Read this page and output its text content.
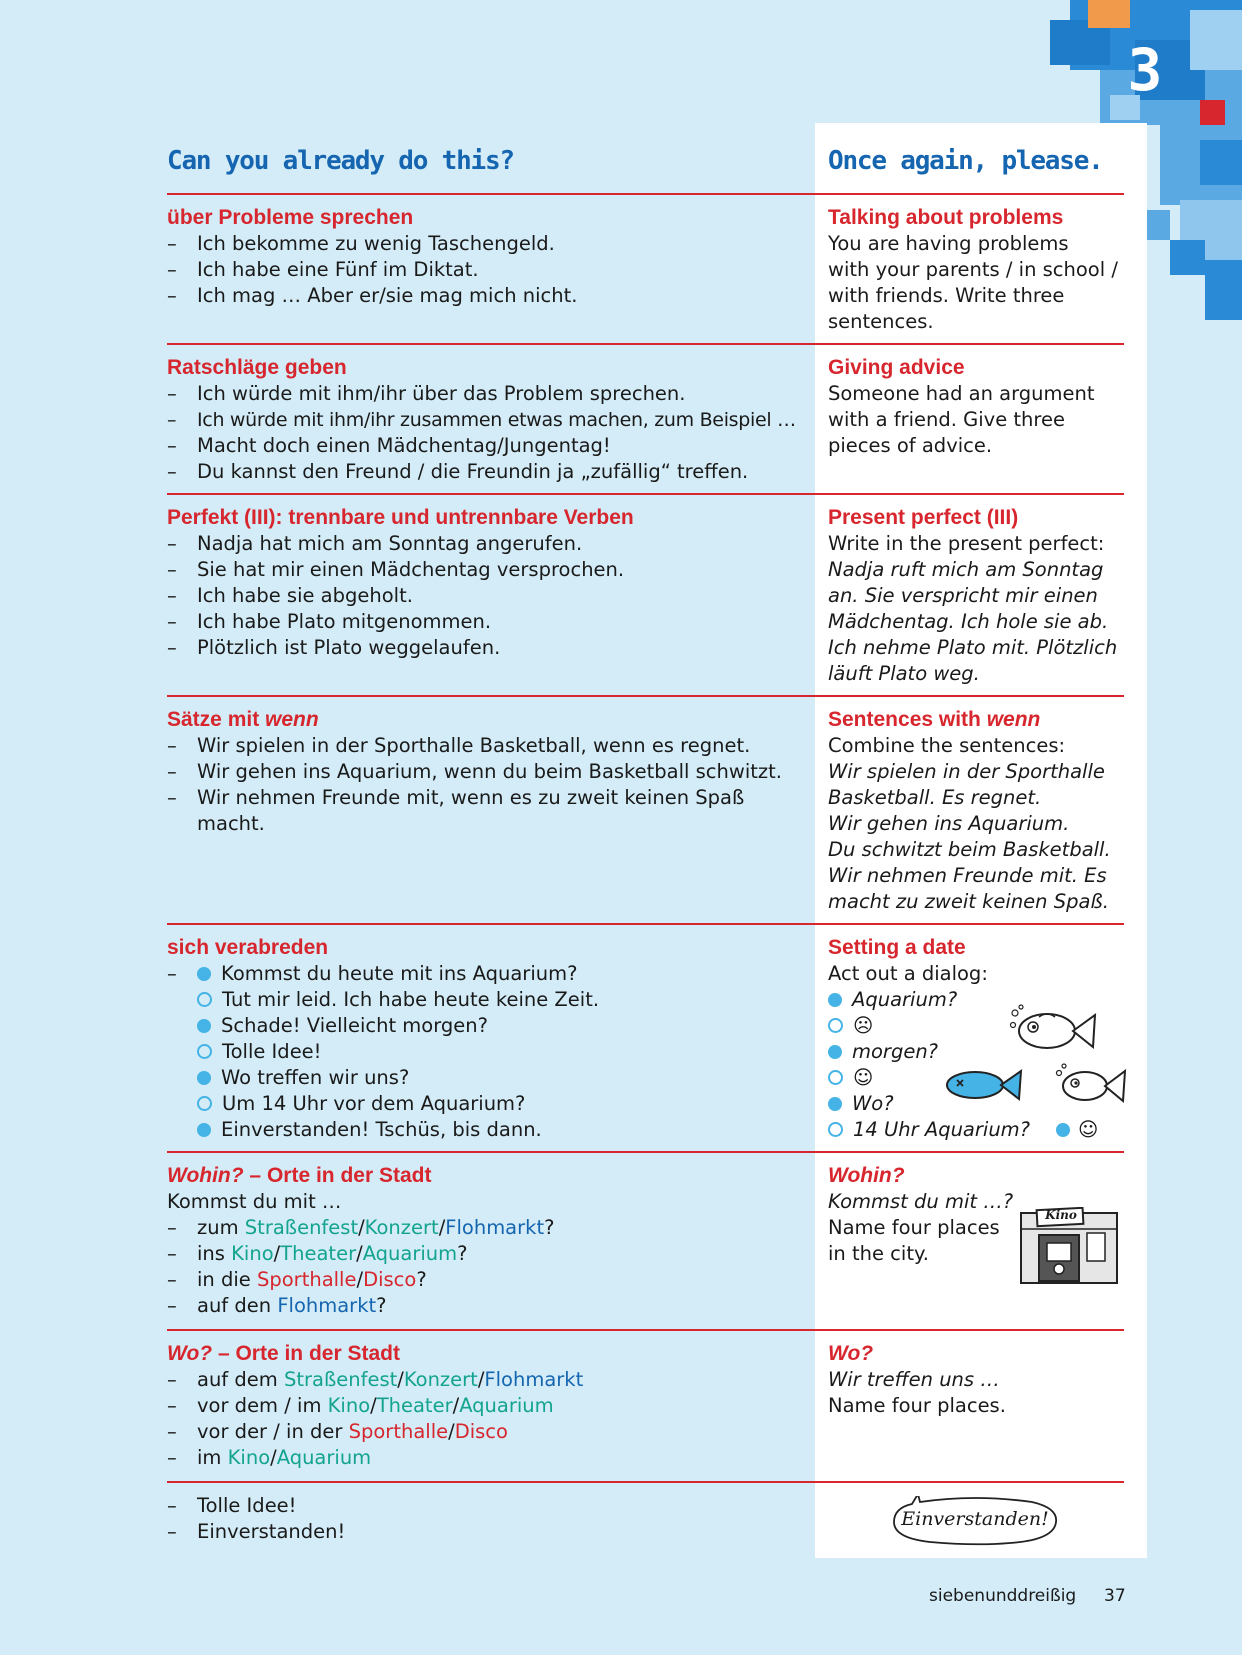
3
Can you already do this?	Once again, please.
über Probleme sprechen
– Ich bekomme zu wenig Taschengeld.
– Ich habe eine Fünf im Diktat.
– Ich mag … Aber er/sie mag mich nicht.
Talking about problems
You are having problems
with your parents / in school /
with friends. Write three
sentences.
Ratschläge geben
– Ich würde mit ihm/ihr über das Problem sprechen.
– Ich würde mit ihm/ihr zusammen etwas machen, zum Beispiel …
– Macht doch einen Mädchentag/Jungentag!
– Du kannst den Freund / die Freundin ja „zufällig“ treffen.
Giving advice
Someone had an argument
with a friend. Give three
pieces of advice.
Perfekt (III): trennbare und untrennbare Verben
– Nadja hat mich am Sonntag angerufen.
– Sie hat mir einen Mädchentag versprochen.
– Ich habe sie abgeholt.
– Ich habe Plato mitgenommen.
– Plötzlich ist Plato weggelaufen.
Present perfect (III)
Write in the present perfect:
Nadja ruft mich am Sonntag
an. Sie verspricht mir einen
Mädchentag. Ich hole sie ab.
Ich nehme Plato mit. Plötzlich
läuft Plato weg.
Sätze mit wenn
– Wir spielen in der Sporthalle Basketball, wenn es regnet.
– Wir gehen ins Aquarium, wenn du beim Basketball schwitzt.
– Wir nehmen Freunde mit, wenn es zu zweit keinen Spaß
macht.
Sentences with wenn
Combine the sentences:
Wir spielen in der Sporthalle
Basketball. Es regnet.
Wir gehen ins Aquarium.
Du schwitzt beim Basketball.
Wir nehmen Freunde mit. Es
macht zu zweit keinen Spaß.
sich verabreden
– Kommst du heute mit ins Aquarium?
Tut mir leid. Ich habe heute keine Zeit.
Schade! Vielleicht morgen?
Tolle Idee!
Wo treffen wir uns?
Um 14 Uhr vor dem Aquarium?
Einverstanden! Tschüs, bis dann.
Setting a date
Act out a dialog:
Aquarium?
☹
morgen?
☺
Wo?
14 Uhr Aquarium? ☺
Wohin? – Orte in der Stadt
Kommst du mit …
– zum Straßenfest/Konzert/Flohmarkt?
– ins Kino/Theater/Aquarium?
– in die Sporthalle/Disco?
– auf den Flohmarkt?
Wohin?
Kommst du mit …?
Name four places
in the city.
Kino
Wo? – Orte in der Stadt
– auf dem Straßenfest/Konzert/Flohmarkt
– vor dem / im Kino/Theater/Aquarium
– vor der / in der Sporthalle/Disco
– im Kino/Aquarium
Wo?
Wir treffen uns …
Name four places.
– Tolle Idee!
– Einverstanden!
Einverstanden!
siebenunddreißig 37
